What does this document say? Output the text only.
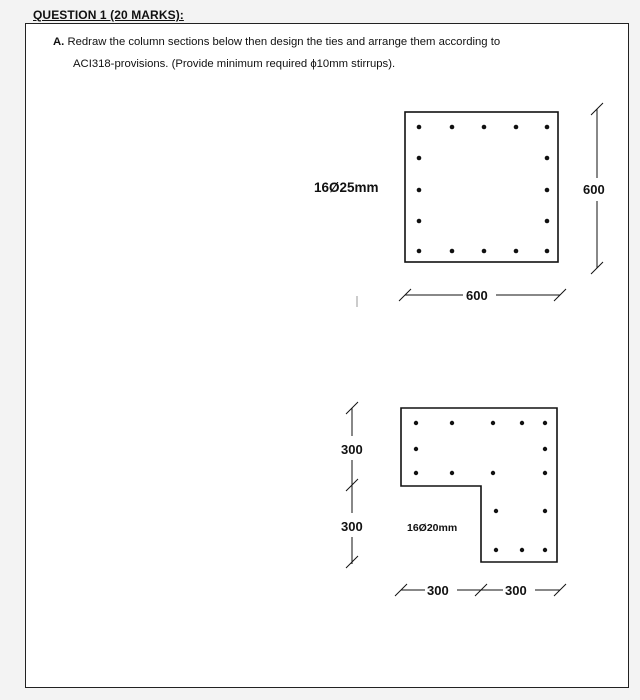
QUESTION 1 (20 MARKS):
A. Redraw the column sections below then design the ties and arrange them according to
ACI318-provisions. (Provide minimum required ϕ10mm stirrups).
16Ø25mm
600
600
16Ø20mm
300
300
300	300
